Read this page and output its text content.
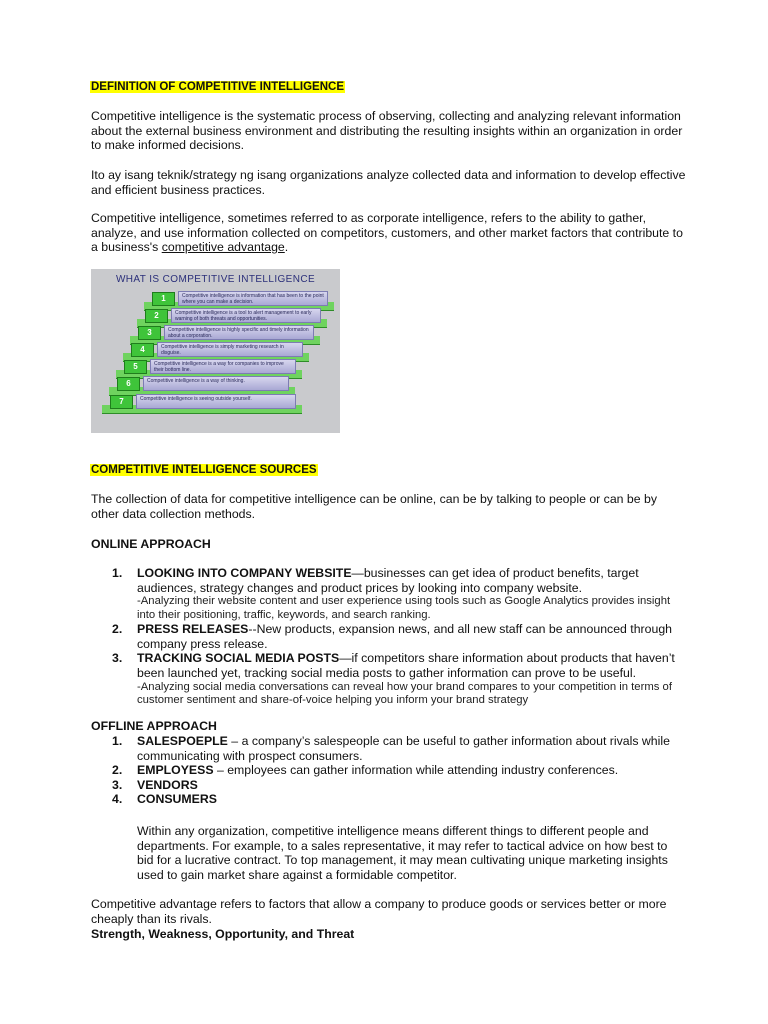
DEFINITION OF COMPETITIVE INTELLIGENCE
Competitive intelligence is the systematic process of observing, collecting and analyzing relevant information about the external business environment and distributing the resulting insights within an organization in order to make informed decisions.
Ito ay isang teknik/strategy ng isang organizations analyze collected data and information to develop effective and efficient business practices.
Competitive intelligence, sometimes referred to as corporate intelligence, refers to the ability to gather, analyze, and use information collected on competitors, customers, and other market factors that contribute to a business's competitive advantage.
WHAT IS COMPETITIVE INTELLIGENCE
1	Competitive intelligence is information that has been to the point where you can make a decision.
2	Competitive intelligence is a tool to alert management to early warning of both threats and opportunities.
3	Competitive intelligence is highly specific and timely information about a corporation.
4	Competitive intelligence is simply marketing research in disguise.
5	Competitive intelligence is a way for companies to improve their bottom line.
6	Competitive intelligence is a way of thinking.
7	Competitive intelligence is seeing outside yourself.
COMPETITIVE INTELLIGENCE SOURCES
The collection of data for competitive intelligence can be online, can be by talking to people or can be by other data collection methods.
ONLINE APPROACH
1. LOOKING INTO COMPANY WEBSITE—businesses can get idea of product benefits, target audiences, strategy changes and product prices by looking into company website.
-Analyzing their website content and user experience using tools such as Google Analytics provides insight into their positioning, traffic, keywords, and search ranking.
2. PRESS RELEASES--New products, expansion news, and all new staff can be announced through company press release.
3. TRACKING SOCIAL MEDIA POSTS—if competitors share information about products that haven’t been launched yet, tracking social media posts to gather information can prove to be useful.
-Analyzing social media conversations can reveal how your brand compares to your competition in terms of customer sentiment and share-of-voice helping you inform your brand strategy
OFFLINE APPROACH
1. SALESPOEPLE – a company’s salespeople can be useful to gather information about rivals while communicating with prospect consumers.
2. EMPLOYESS – employees can gather information while attending industry conferences.
3. VENDORS
4. CONSUMERS
Within any organization, competitive intelligence means different things to different people and departments. For example, to a sales representative, it may refer to tactical advice on how best to bid for a lucrative contract. To top management, it may mean cultivating unique marketing insights used to gain market share against a formidable competitor.
Competitive advantage refers to factors that allow a company to produce goods or services better or more cheaply than its rivals.
Strength, Weakness, Opportunity, and Threat
